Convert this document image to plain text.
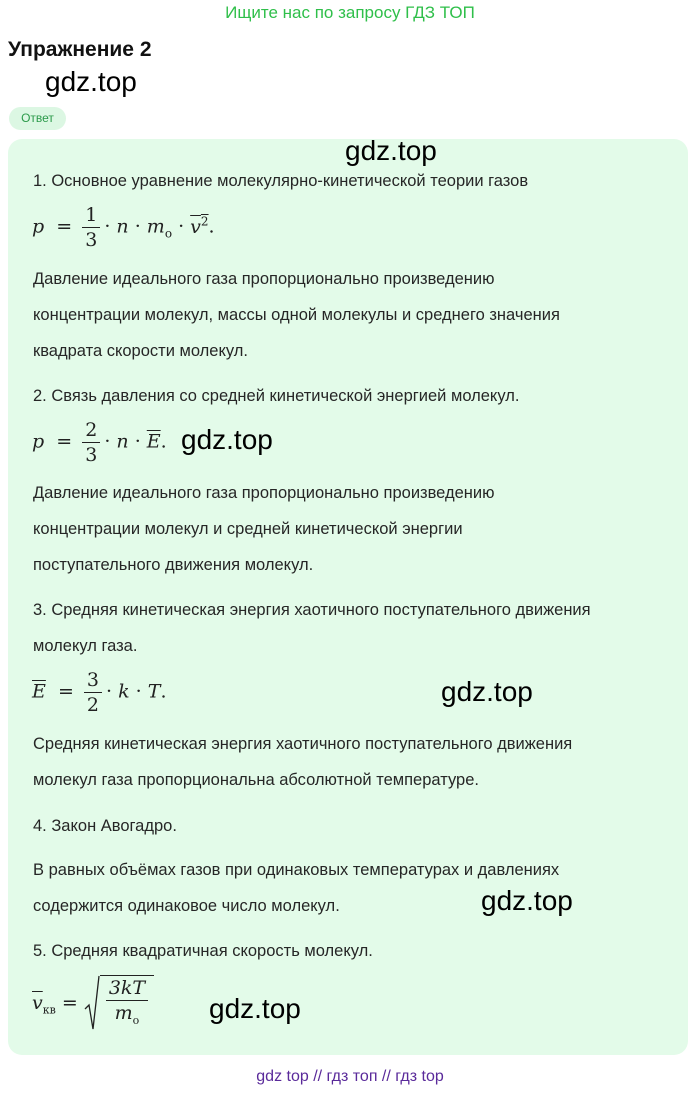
Ищите нас по запросу ГДЗ ТОП
Упражнение 2
gdz.top
Ответ
gdz.top
1. Основное уравнение молекулярно-кинетической теории газов
$p = \frac{1}{3} \cdot n \cdot m_o \cdot v^2$.
Давление идеального газа пропорционально произведению
концентрации молекул, массы одной молекулы и среднего значения
квадрата скорости молекул.
2. Связь давления со средней кинетической энергией молекул.
$p = \frac{2}{3} \cdot n \cdot \overline{E}$. gdz.top
Давление идеального газа пропорционально произведению
концентрации молекул и средней кинетической энергии
поступательного движения молекул.
3. Средняя кинетическая энергия хаотичного поступательного движения
молекул газа.
$\overline{E} = \frac{3}{2} \cdot k \cdot T$.	gdz.top
Средняя кинетическая энергия хаотичного поступательного движения
молекул газа пропорциональна абсолютной температуре.
4. Закон Авогадро.
В равных объёмах газов при одинаковых температурах и давлениях
содержится одинаковое число молекул.	gdz.top
5. Средняя квадратичная скорость молекул.
$\overline{v}_{кв} = \frac{3kT}{m_o} gdz.top$
gdz top // гдз топ // гдз top
